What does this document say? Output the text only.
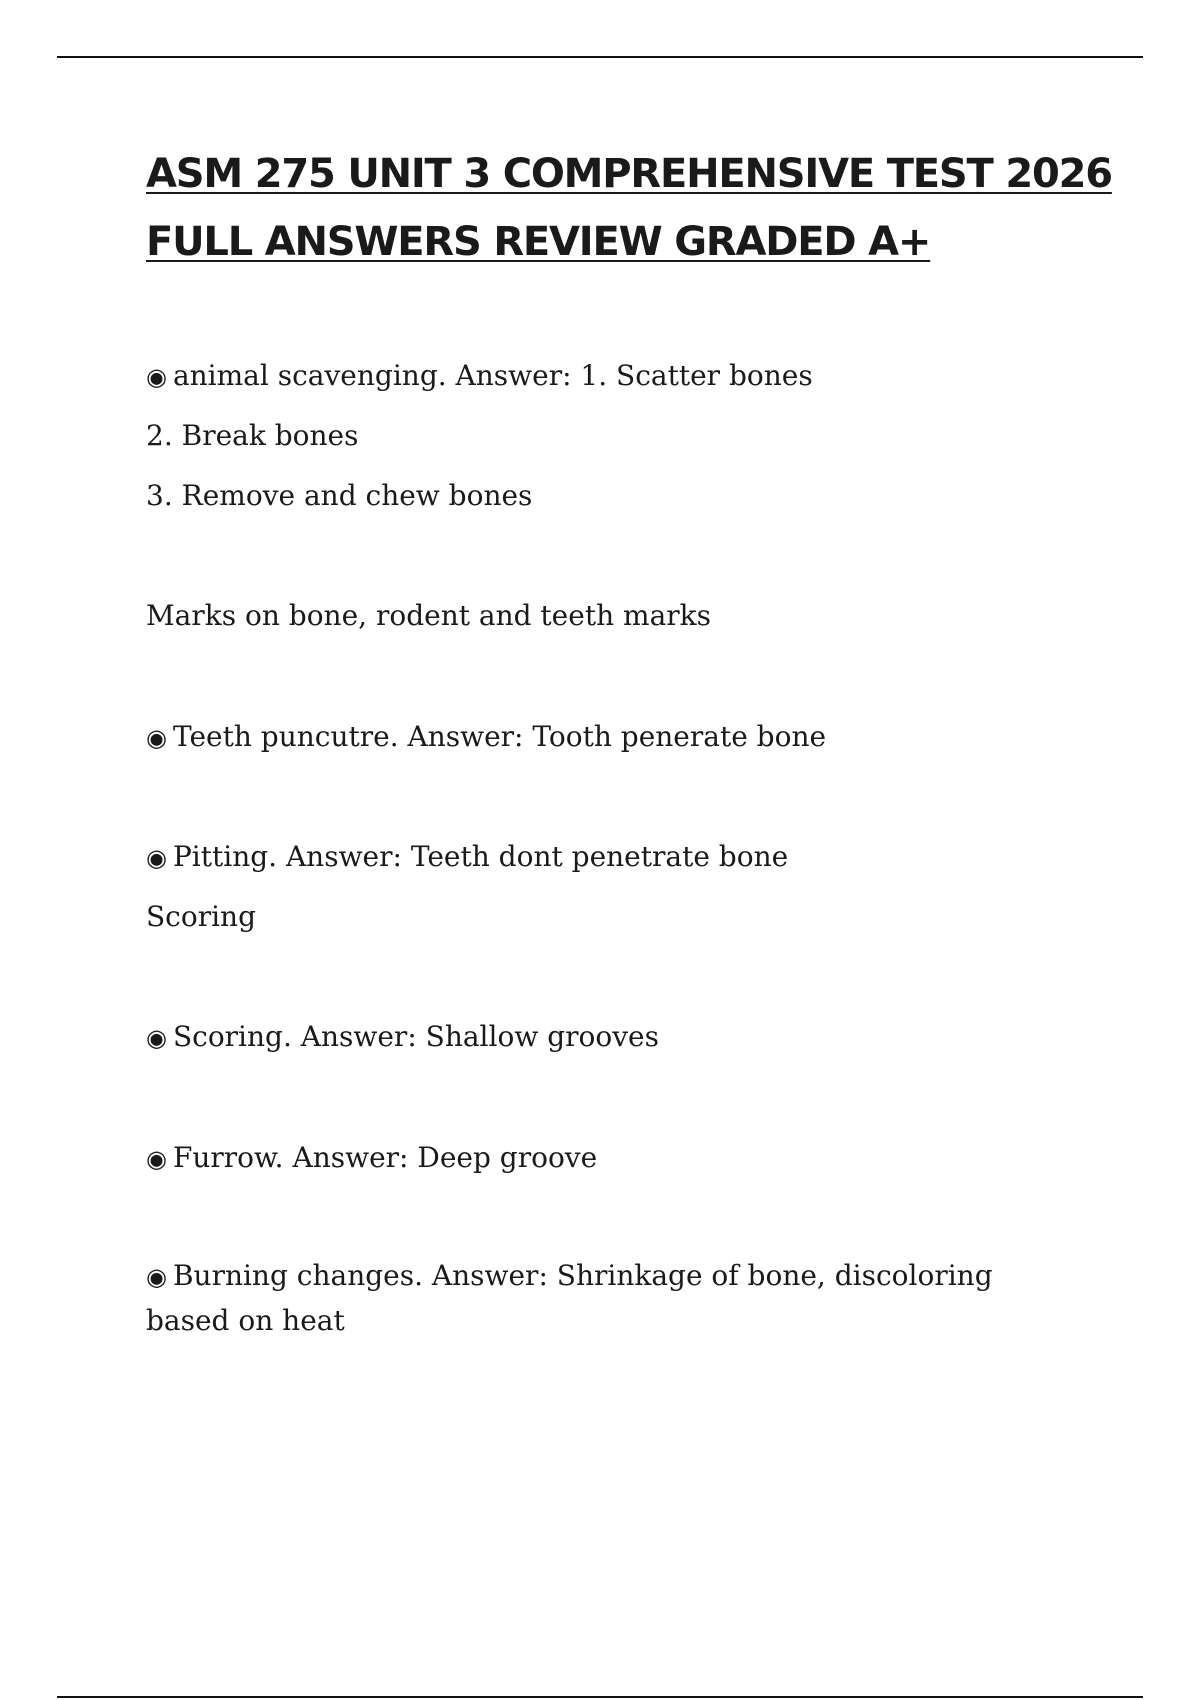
ASM 275 UNIT 3 COMPREHENSIVE TEST 2026
FULL ANSWERS REVIEW GRADED A+
◉ animal scavenging. Answer: 1. Scatter bones
2. Break bones
3. Remove and chew bones
Marks on bone, rodent and teeth marks
◉ Teeth puncutre. Answer: Tooth penerate bone
◉ Pitting. Answer: Teeth dont penetrate bone
Scoring
◉ Scoring. Answer: Shallow grooves
◉ Furrow. Answer: Deep groove
◉ Burning changes. Answer: Shrinkage of bone, discoloring based on heat
